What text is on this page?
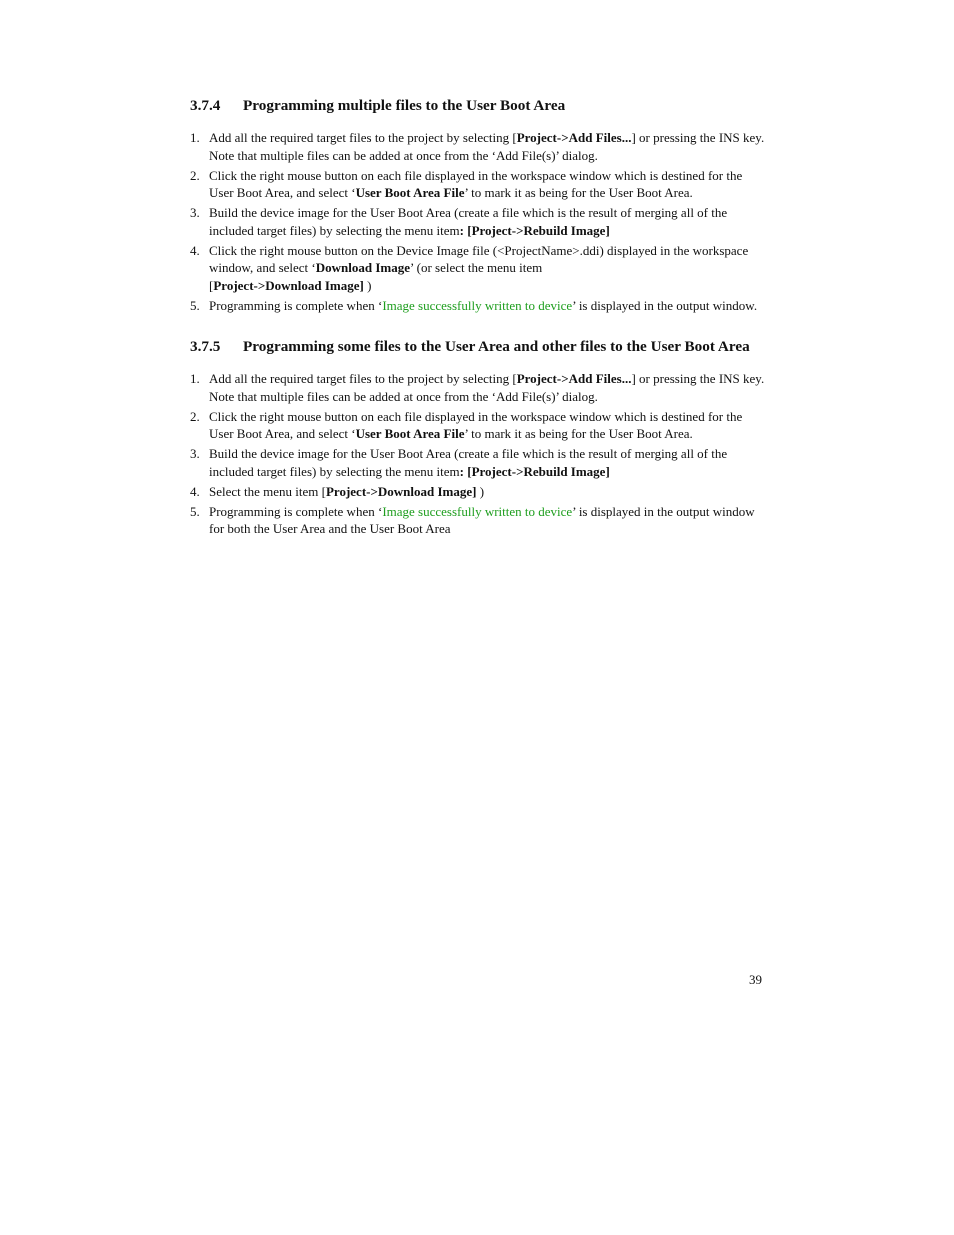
3.7.4 Programming multiple files to the User Boot Area
1. Add all the required target files to the project by selecting [Project->Add Files...] or pressing the INS key. Note that multiple files can be added at once from the ‘Add File(s)’ dialog.
2. Click the right mouse button on each file displayed in the workspace window which is destined for the User Boot Area, and select ‘User Boot Area File’ to mark it as being for the User Boot Area.
3. Build the device image for the User Boot Area (create a file which is the result of merging all of the included target files) by selecting the menu item: [Project->Rebuild Image]
4. Click the right mouse button on the Device Image file (<ProjectName>.ddi) displayed in the workspace window, and select ‘Download Image’ (or select the menu item
[Project->Download Image] )
5. Programming is complete when ‘Image successfully written to device’ is displayed in the output window.
3.7.5 Programming some files to the User Area and other files to the User Boot Area
1. Add all the required target files to the project by selecting [Project->Add Files...] or pressing the INS key. Note that multiple files can be added at once from the ‘Add File(s)’ dialog.
2. Click the right mouse button on each file displayed in the workspace window which is destined for the User Boot Area, and select ‘User Boot Area File’ to mark it as being for the User Boot Area.
3. Build the device image for the User Boot Area (create a file which is the result of merging all of the included target files) by selecting the menu item: [Project->Rebuild Image]
4. Select the menu item [Project->Download Image] )
5. Programming is complete when ‘Image successfully written to device’ is displayed in the output window for both the User Area and the User Boot Area
39
